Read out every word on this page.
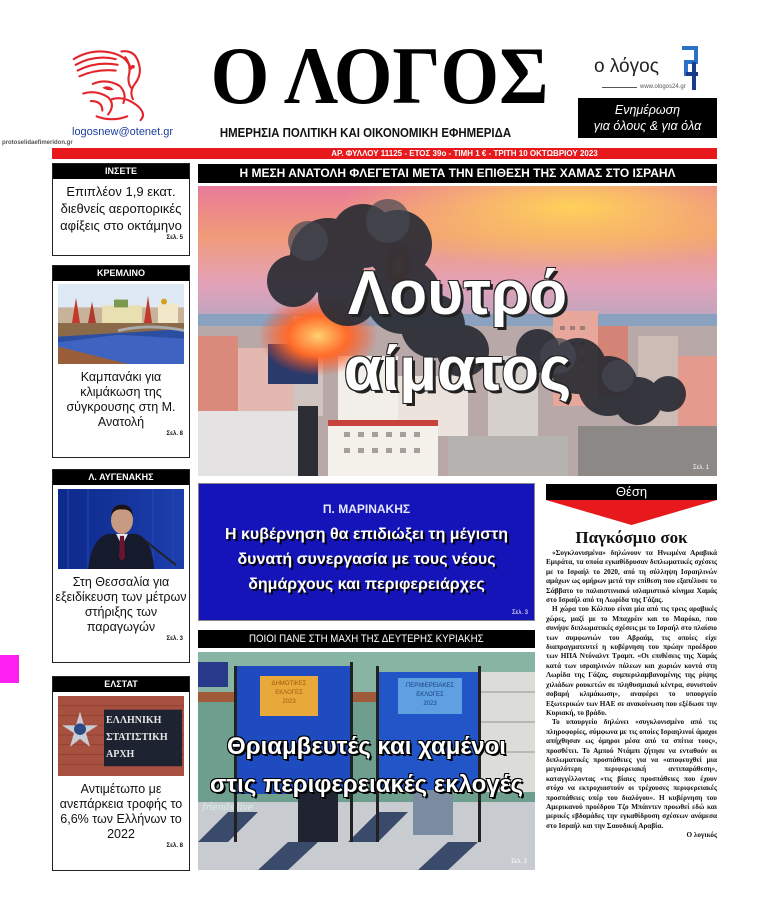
logosnew@otenet.gr
protoselidaefimeridon.gr
Ο ΛΟΓΟΣ
ΗΜΕΡΗΣΙΑ ΠΟΛΙΤΙΚΗ ΚΑΙ ΟΙΚΟΝΟΜΙΚΗ ΕΦΗΜΕΡΙΔΑ
ο λόγος
www.ologos24.gr
Ενημέρωση
για όλους & για όλα
ΑΡ. ΦΥΛΛΟΥ 11125 - ΕΤΟΣ 39ο - ΤΙΜΗ 1 € - ΤΡΙΤΗ 10 ΟΚΤΩΒΡΙΟΥ 2023
ΙΝΣΕΤΕ
Επιπλέον 1,9 εκατ. διεθνείς αεροπορικές αφίξεις στο οκτάμηνο
Σελ. 5
ΚΡΕΜΛΙΝΟ
Καμπανάκι για κλιμάκωση της σύγκρουσης στη Μ. Ανατολή
Σελ. 8
Λ. ΑΥΓΕΝΑΚΗΣ
Στη Θεσσαλία για εξειδίκευση των μέτρων στήριξης των παραγωγών
Σελ. 3
ΕΛΣΤΑΤ
ΕΛΛΗΝΙΚΗ
ΣΤΑΤΙΣΤΙΚΗ
ΑΡΧΗ
Αντιμέτωπο με ανεπάρκεια τροφής το 6,6% των Ελλήνων το 2022
Σελ. 8
Η ΜΕΣΗ ΑΝΑΤΟΛΗ ΦΛΕΓΕΤΑΙ ΜΕΤΑ ΤΗΝ ΕΠΙΘΕΣΗ ΤΗΣ ΧΑΜΑΣ ΣΤΟ ΙΣΡΑΗΛ
Λουτρό
αίματος
Σελ. 1
Π. ΜΑΡΙΝΑΚΗΣ
Η κυβέρνηση θα επιδιώξει τη μέγιστη δυνατή συνεργασία με τους νέους δημάρχους και περιφερειάρχες
Σελ. 3
ΠΟΙΟΙ ΠΑΝΕ ΣΤΗ ΜΑΧΗ ΤΗΣ ΔΕΥΤΕΡΗΣ ΚΥΡΙΑΚΗΣ
ΔΗΜΟΤΙΚΕΣ
ΕΚΛΟΓΕΣ
2023
ΠΕΡΙΦΕΡΕΙΑΚΕΣ
ΕΚΛΟΓΕΣ
2023
friends live
Θριαμβευτές και χαμένοι
στις περιφερειακές εκλογές
Σελ. 2
Θέση
Παγκόσμιο σοκ

«Συγκλονισμένα» δηλώνουν τα Ηνωμένα Αραβικά Εμιράτα, τα οποία εγκαθίδρυσαν διπλωματικές σχέσεις με το Ισραήλ το 2020, από τη σύλληψη Ισραηλινών αμάχων ως ομήρων μετά την επίθεση που εξαπέλυσε το Σάββατο το παλαιστινιακό ισλαμιστικό κίνημα Χαμάς στο Ισραήλ από τη Λωρίδα της Γάζας.

Η χώρα του Κόλπου είναι μία από τις τρεις αραβικές χώρες, μαζί με το Μπαχρέιν και το Μαρόκο, που συνήψε διπλωματικές σχέσεις με το Ισραήλ στο πλαίσιο των συμφωνιών του Αβραάμ, τις οποίες είχε διαπραγματευτεί η κυβέρνηση του πρώην προέδρου των ΗΠΑ Ντόναλντ Τραμπ. «Οι επιθέσεις της Χαμάς κατά των ισραηλινών πόλεων και χωριών κοντά στη Λωρίδα της Γάζας, συμπεριλαμβανομένης της ρίψης χιλιάδων ρουκετών σε πληθυσμιακά κέντρα, συνιστούν σοβαρή κλιμάκωση», αναφέρει το υπουργείο Εξωτερικών των ΗΑΕ σε ανακοίνωση που εξέδωσε την Κυριακή, το βράδυ.

Το υπουργείο δηλώνει «συγκλονισμένο από τις πληροφορίες, σύμφωνα με τις οποίες Ισραηλινοί άμαχοι απήχθησαν ως όμηροι μέσα από τα σπίτια τους», προσθέτει. Το Αμπού Ντάμπι ζήτησε να ενταθούν οι διπλωματικές προσπάθειες για να «αποφευχθεί μια μεγαλύτερη περιφερειακή αντιπαράθεση», καταγγέλλοντας «τις βίαιες προσπάθειες που έχουν στόχο να εκτροχιαστούν οι τρέχουσες περιφερειακές προσπάθειες υπέρ του διαλόγου». Η κυβέρνηση του Αμερικανού προέδρου Τζο Μπάιντεν προωθεί εδώ και μερικές εβδομάδες την εγκαθίδρυση σχέσεων ανάμεσα στο Ισραήλ και την Σαουδική Αραβία.

Ο λογικός
